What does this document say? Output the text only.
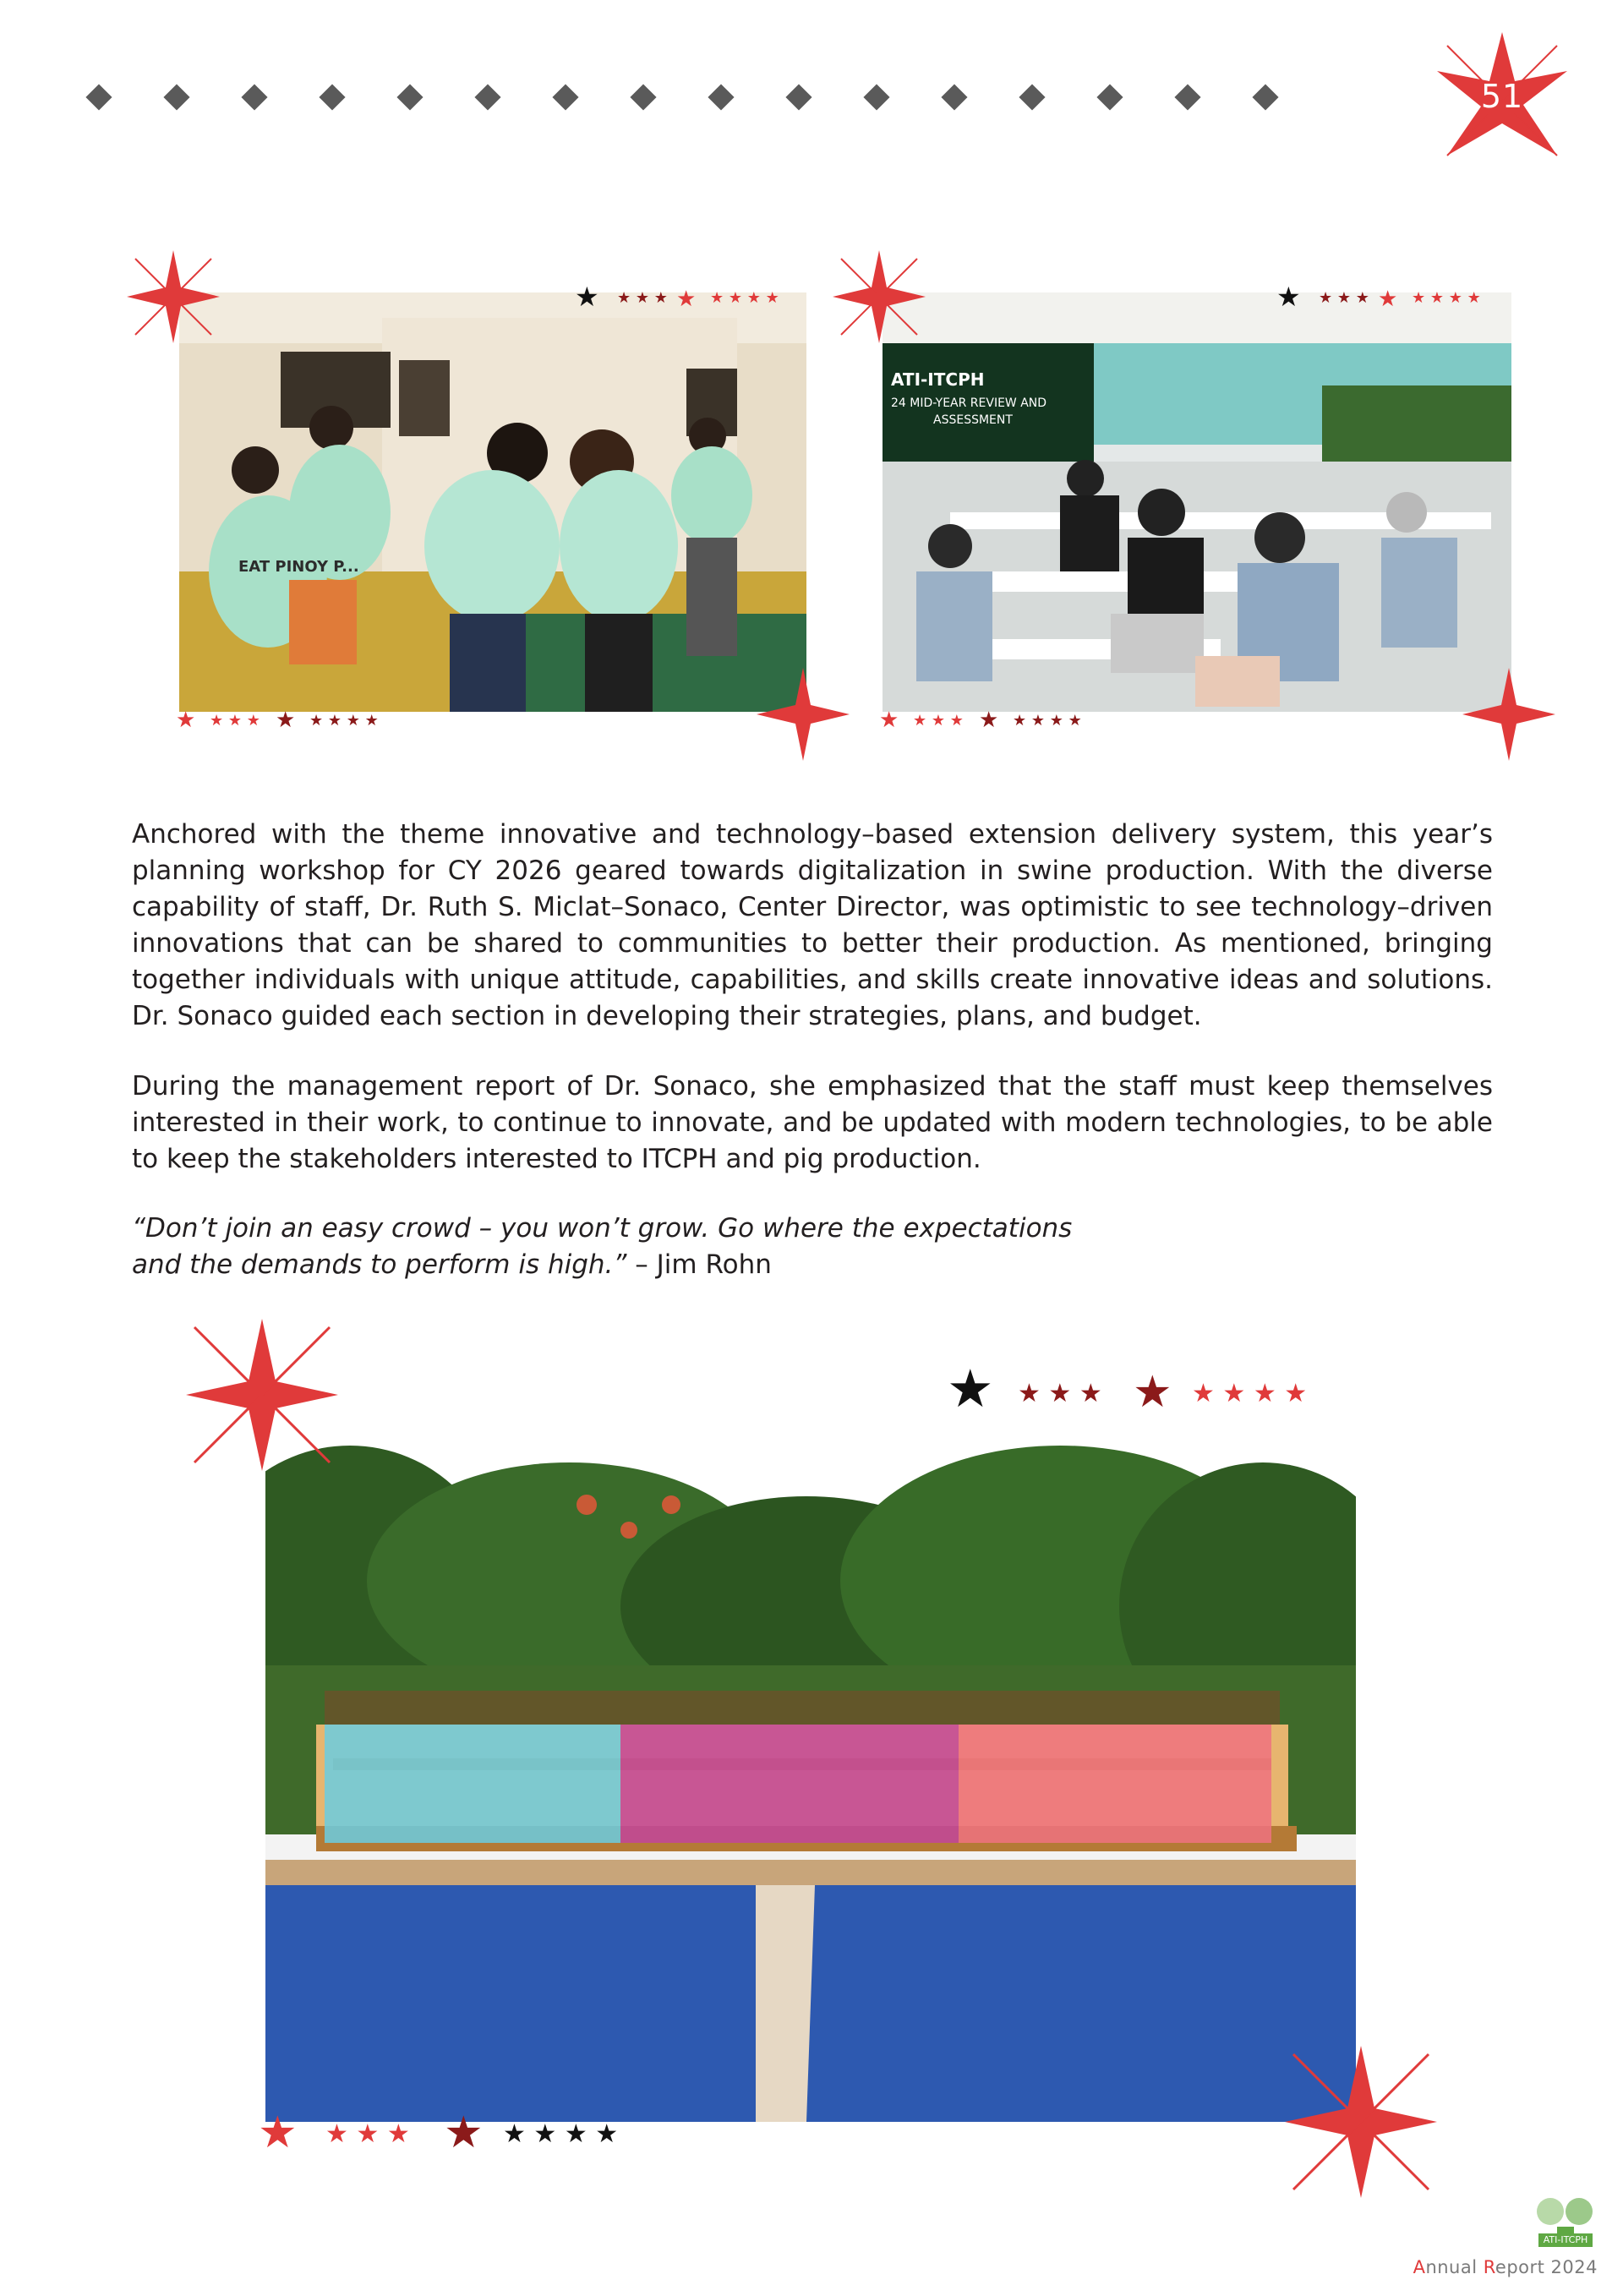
51
EAT PINOY P...
ATI-ITCPH
24 MID-YEAR REVIEW AND
ASSESSMENT
★ ★ ★ ★ ★ ★ ★ ★ ★	★ ★ ★ ★ ★ ★ ★ ★ ★
★ ★ ★ ★ ★ ★ ★ ★ ★	★ ★ ★ ★ ★ ★ ★ ★ ★
★ ★ ★ ★ ★ ★ ★ ★ ★
★ ★ ★ ★ ★ ★ ★ ★ ★

Anchored with the theme innovative and technology–based extension delivery system, this year’s planning workshop for CY 2026 geared towards digitalization in swine production. With the diverse capability of staff, Dr. Ruth S. Miclat–Sonaco, Center Director, was optimistic to see technology–driven innovations that can be shared to communities to better their production. As mentioned, bringing together individuals with unique attitude, capabilities, and skills create innovative ideas and solutions. Dr. Sonaco guided each section in developing their strategies, plans, and budget.

During the management report of Dr. Sonaco, she emphasized that the staff must keep themselves interested in their work, to continue to innovate, and be updated with modern technologies, to be able to keep the stakeholders interested to ITCPH and pig production.

“Don’t join an easy crowd – you won’t grow. Go where the expectations
and the demands to perform is high.” – Jim Rohn

ATI-ITCPH
Annual Report 2024
